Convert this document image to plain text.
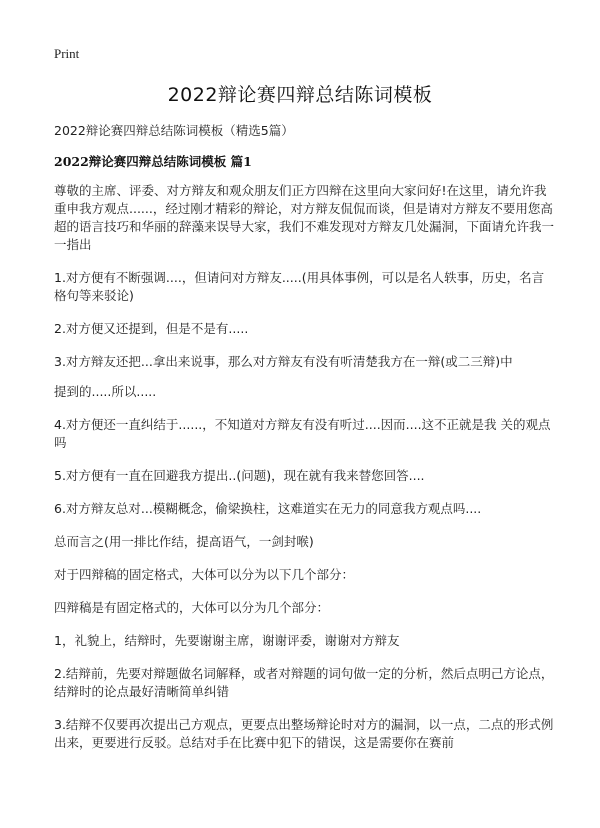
Print
2022辩论赛四辩总结陈词模板
2022辩论赛四辩总结陈词模板（精选5篇）
2022辩论赛四辩总结陈词模板 篇1

尊敬的主席、评委、对方辩友和观众朋友们正方四辩在这里向大家问好!在这里，请允许我重申我方观点......，经过刚才精彩的辩论，对方辩友侃侃而谈，但是请对方辩友不要用您高超的语言技巧和华丽的辞藻来误导大家，我们不难发现对方辩友几处漏洞，下面请允许我一一指出

1.对方便有不断强调....，但请问对方辩友.....(用具体事例，可以是名人轶事，历史，名言格句等来驳论)

2.对方便又还提到，但是不是有.....

3.对方辩友还把...拿出来说事，那么对方辩友有没有听清楚我方在一辩(或二三辩)中

提到的.....所以.....

4.对方便还一直纠结于......，不知道对方辩友有没有听过....因而....这不正就是我 关的观点吗

5.对方便有一直在回避我方提出..(问题)，现在就有我来替您回答....

6.对方辩友总对...模糊概念，偷梁换柱，这难道实在无力的同意我方观点吗....

总而言之(用一排比作结，提高语气，一剑封喉)

对于四辩稿的固定格式，大体可以分为以下几个部分：

四辩稿是有固定格式的，大体可以分为几个部分：

1，礼貌上，结辩时，先要谢谢主席，谢谢评委，谢谢对方辩友

2.结辩前，先要对辩题做名词解释，或者对辩题的词句做一定的分析，然后点明己方论点，结辩时的论点最好清晰简单纠错

3.结辩不仅要再次提出己方观点，更要点出整场辩论时对方的漏洞，以一点，二点的形式例出来，更要进行反驳。总结对手在比赛中犯下的错误，这是需要你在赛前
